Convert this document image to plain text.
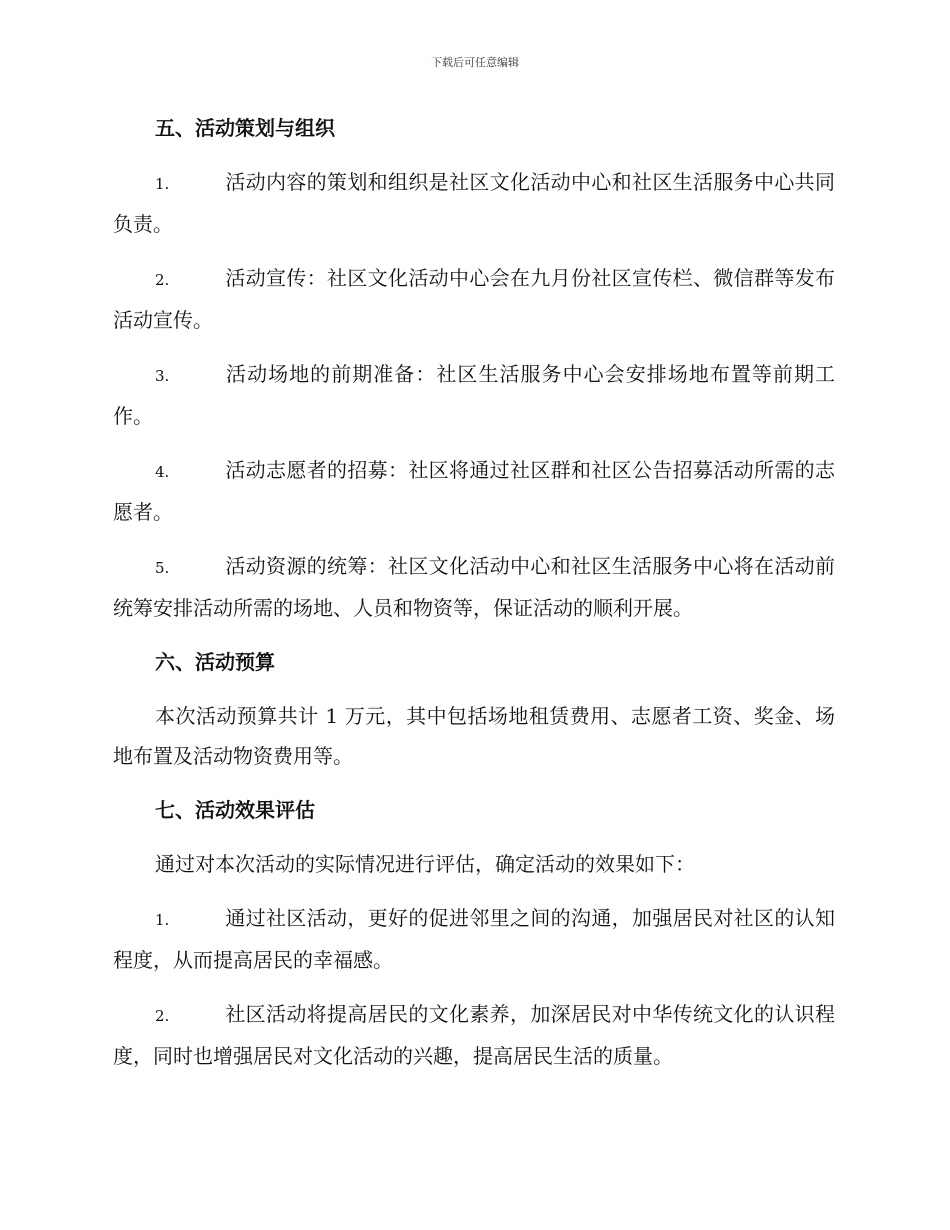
下载后可任意编辑
五、活动策划与组织
1.	活动内容的策划和组织是社区文化活动中心和社区生活服务中心共同负责。
2.	活动宣传：社区文化活动中心会在九月份社区宣传栏、微信群等发布活动宣传。
3.	活动场地的前期准备：社区生活服务中心会安排场地布置等前期工作。
4.	活动志愿者的招募：社区将通过社区群和社区公告招募活动所需的志愿者。
5.	活动资源的统筹：社区文化活动中心和社区生活服务中心将在活动前统筹安排活动所需的场地、人员和物资等，保证活动的顺利开展。
六、活动预算
本次活动预算共计 1 万元，其中包括场地租赁费用、志愿者工资、奖金、场地布置及活动物资费用等。
七、活动效果评估
通过对本次活动的实际情况进行评估，确定活动的效果如下：
1.	通过社区活动，更好的促进邻里之间的沟通，加强居民对社区的认知程度，从而提高居民的幸福感。
2.	社区活动将提高居民的文化素养，加深居民对中华传统文化的认识程度，同时也增强居民对文化活动的兴趣，提高居民生活的质量。
